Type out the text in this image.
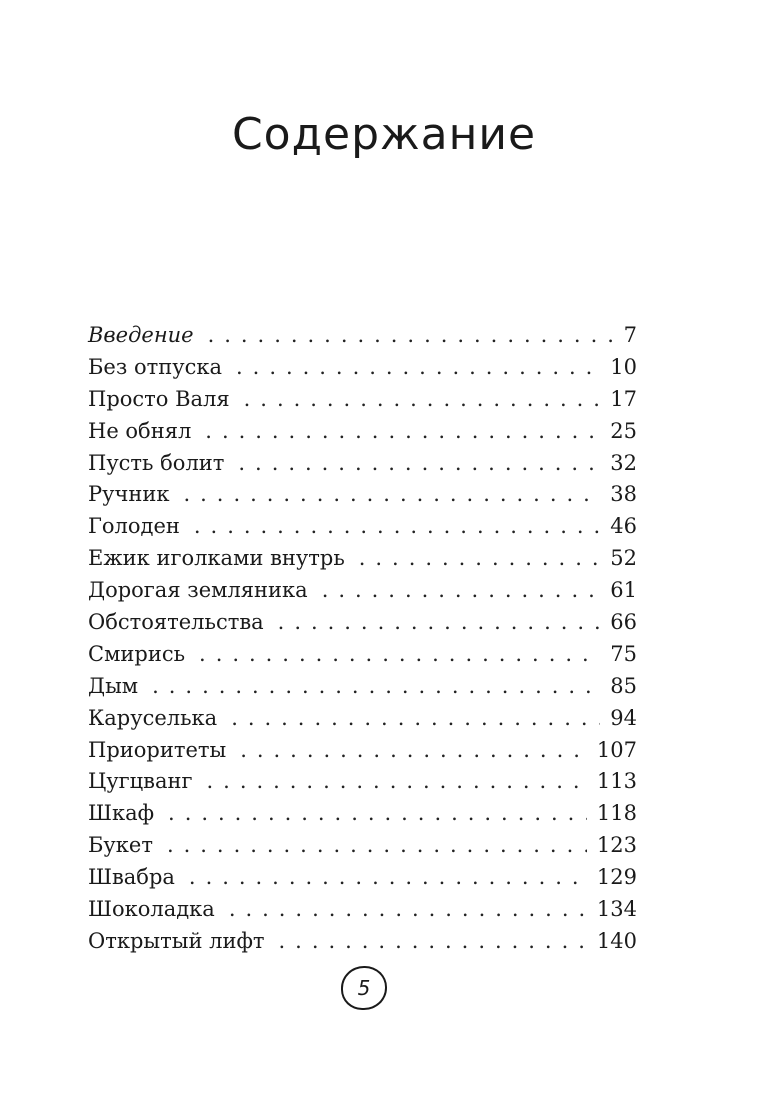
Содержание
Введение . . .	7
Без отпуска . . .	10
Просто Валя . . .	17
Не обнял . . .	25
Пусть болит . . .	32
Ручник . . .	38
Голоден . . .	46
Ежик иголками внутрь . . .	52
Дорогая земляника . . .	61
Обстоятельства . . .	66
Смирись . . .	75
Дым . . .	85
Каруселька . . .	94
Приоритеты . . .	107
Цугцванг . . .	113
Шкаф . . .	118
Букет . . .	123
Швабра . . .	129
Шоколадка . . .	134
Открытый лифт . . .	140
5
